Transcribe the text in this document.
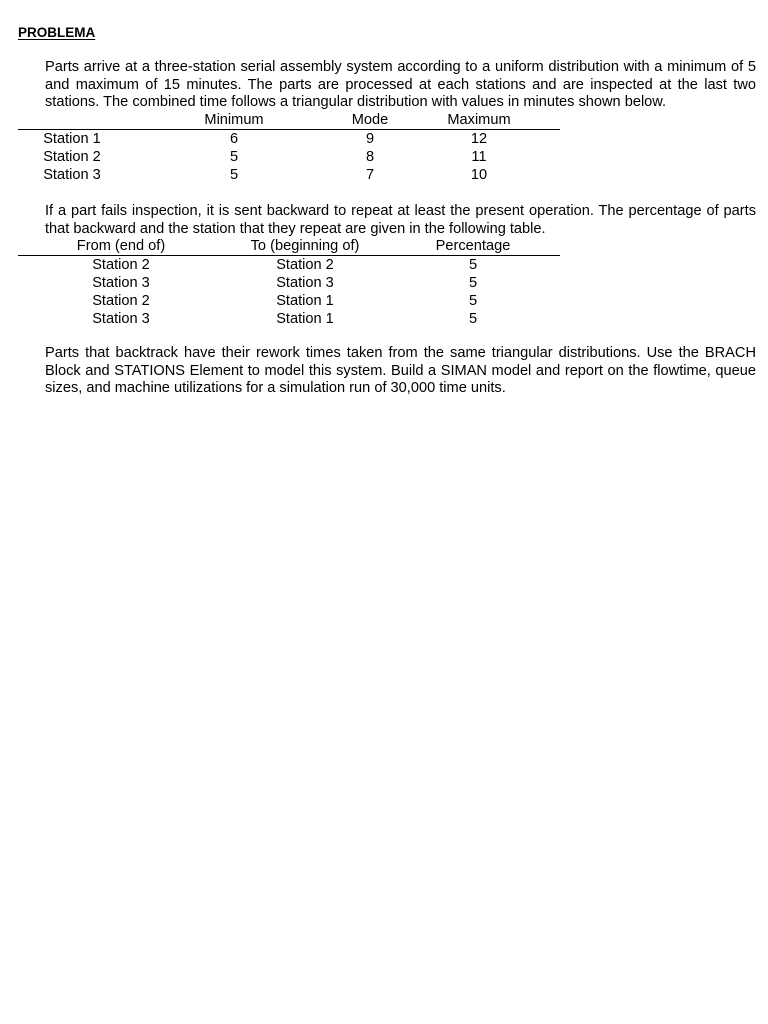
PROBLEMA
Parts arrive at a three-station serial assembly system according to a uniform distribution with a minimum of 5 and maximum of 15 minutes. The parts are processed at each stations and are inspected at the last two stations. The combined time follows a triangular distribution with values in minutes shown below.
	Minimum	Mode	Maximum
Station 1	6	9	12
Station 2	5	8	11
Station 3	5	7	10
If a part fails inspection, it is sent backward to repeat at least the present operation. The percentage of parts that backward and the station that they repeat are given in the following table.
From (end of)	To (beginning of)	Percentage
Station 2	Station 2	5
Station 3	Station 3	5
Station 2	Station 1	5
Station 3	Station 1	5
Parts that backtrack have their rework times taken from the same triangular distributions. Use the BRACH Block and STATIONS Element to model this system. Build a SIMAN model and report on the flowtime, queue sizes, and machine utilizations for a simulation run of 30,000 time units.
